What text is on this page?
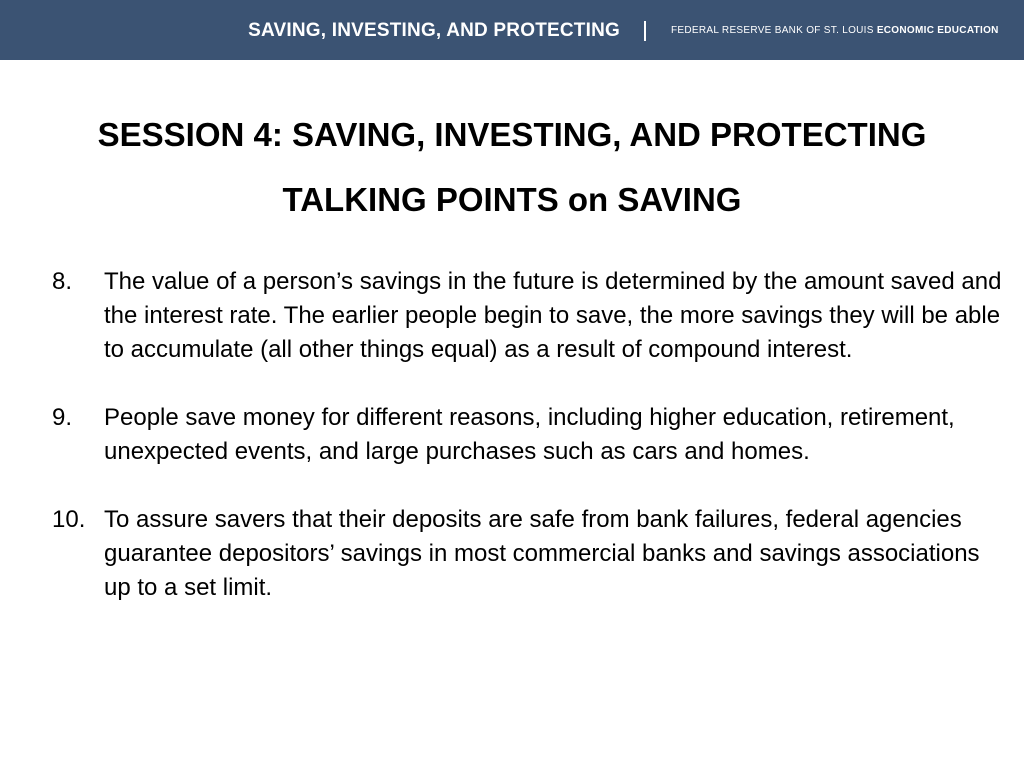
SAVING, INVESTING, AND PROTECTING	FEDERAL RESERVE BANK OF ST. LOUIS ECONOMIC EDUCATION
SESSION 4: SAVING, INVESTING, AND PROTECTING
TALKING POINTS on SAVING
8. The value of a person’s savings in the future is determined by the amount saved and the interest rate. The earlier people begin to save, the more savings they will be able to accumulate (all other things equal) as a result of compound interest.
9. People save money for different reasons, including higher education, retirement, unexpected events, and large purchases such as cars and homes.
10. To assure savers that their deposits are safe from bank failures, federal agencies guarantee depositors’ savings in most commercial banks and savings associations up to a set limit.
